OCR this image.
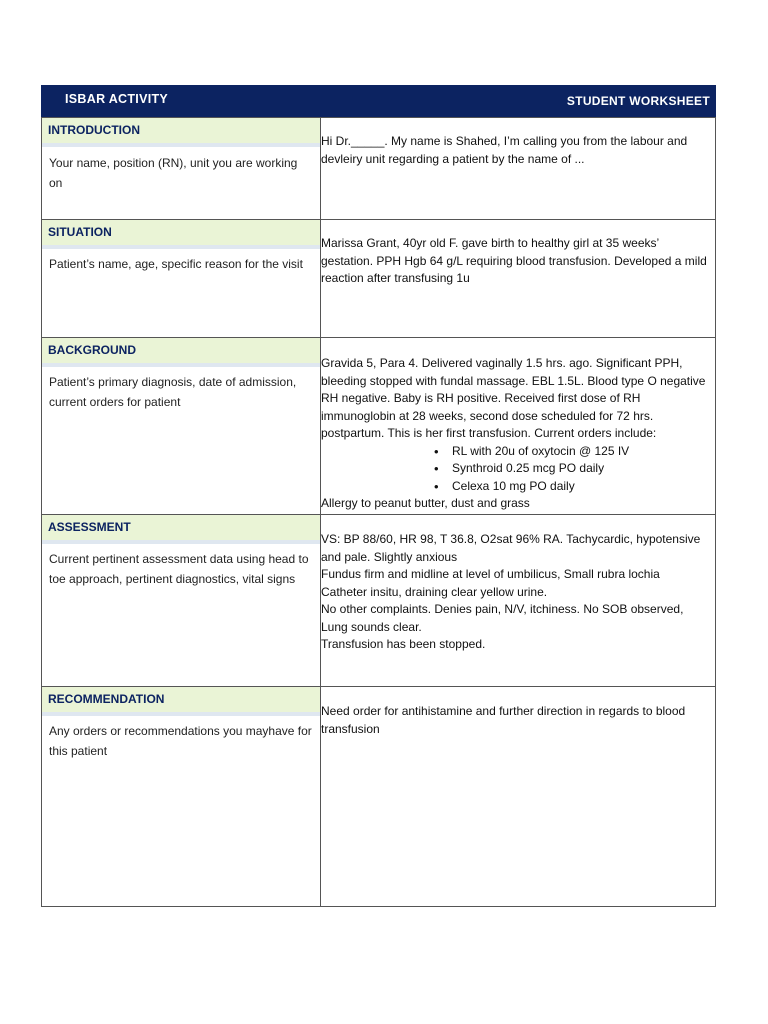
ISBAR ACTIVITY	STUDENT WORKSHEET
INTRODUCTION
Your name, position (RN), unit you are working on

Hi Dr._____. My name is Shahed, I’m calling you from the labour and devleiry unit regarding a patient by the name of ...

SITUATION
Patient’s name, age, specific reason for the visit

Marissa Grant, 40yr old F. gave birth to healthy girl at 35 weeks’ gestation. PPH Hgb 64 g/L requiring blood transfusion. Developed a mild reaction after transfusing 1u

BACKGROUND
Patient’s primary diagnosis, date of admission, current orders for patient

Gravida 5, Para 4. Delivered vaginally 1.5 hrs. ago. Significant PPH, bleeding stopped with fundal massage. EBL 1.5L. Blood type O negative RH negative. Baby is RH positive. Received first dose of RH immunoglobin at 28 weeks, second dose scheduled for 72 hrs. postpartum. This is her first transfusion. Current orders include:

• RL with 20u of oxytocin @ 125 IV
• Synthroid 0.25 mcg PO daily
• Celexa 10 mg PO daily

Allergy to peanut butter, dust and grass

ASSESSMENT
Current pertinent assessment data using head to toe approach, pertinent diagnostics, vital signs

VS: BP 88/60, HR 98, T 36.8, O2sat 96% RA. Tachycardic, hypotensive and pale. Slightly anxious

Fundus firm and midline at level of umbilicus, Small rubra lochia

Catheter insitu, draining clear yellow urine.

No other complaints. Denies pain, N/V, itchiness. No SOB observed, Lung sounds clear.

Transfusion has been stopped.

RECOMMENDATION
Any orders or recommendations you mayhave for this patient

Need order for antihistamine and further direction in regards to blood transfusion
